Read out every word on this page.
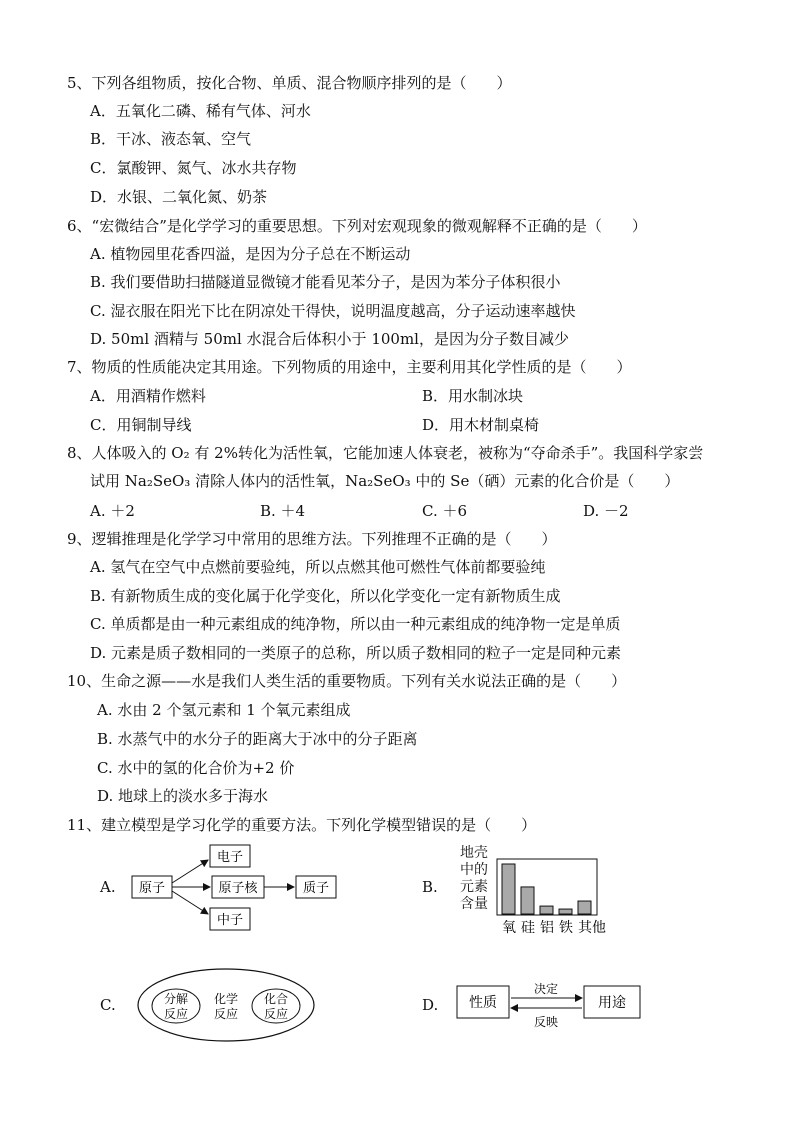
5、下列各组物质，按化合物、单质、混合物顺序排列的是（　　）
A．五氧化二磷、稀有气体、河水
B．干冰、液态氧、空气
C．氯酸钾、氮气、冰水共存物
D．水银、二氧化氮、奶茶
6、“宏微结合”是化学学习的重要思想。下列对宏观现象的微观解释不正确的是（　　）
A. 植物园里花香四溢，是因为分子总在不断运动
B. 我们要借助扫描隧道显微镜才能看见苯分子，是因为苯分子体积很小
C. 湿衣服在阳光下比在阴凉处干得快，说明温度越高，分子运动速率越快
D. 50ml 酒精与 50ml 水混合后体积小于 100ml，是因为分子数目减少
7、物质的性质能决定其用途。下列物质的用途中，主要利用其化学性质的是（　　）
A．用酒精作燃料	B．用水制冰块
C．用铜制导线	D．用木材制桌椅
8、人体吸入的 O₂ 有 2%转化为活性氧，它能加速人体衰老，被称为“夺命杀手”。我国科学家尝
试用 Na₂SeO₃ 清除人体内的活性氧，Na₂SeO₃ 中的 Se（硒）元素的化合价是（　　）
A. ＋2	B. ＋4	C. ＋6	D. －2
9、逻辑推理是化学学习中常用的思维方法。下列推理不正确的是（　　）
A. 氢气在空气中点燃前要验纯，所以点燃其他可燃性气体前都要验纯
B. 有新物质生成的变化属于化学变化，所以化学变化一定有新物质生成
C. 单质都是由一种元素组成的纯净物，所以由一种元素组成的纯净物一定是单质
D. 元素是质子数相同的一类原子的总称，所以质子数相同的粒子一定是同种元素
10、生命之源——水是我们人类生活的重要物质。下列有关水说法正确的是（　　）
A. 水由 2 个氢元素和 1 个氧元素组成
B. 水蒸气中的水分子的距离大于冰中的分子距离
C. 水中的氢的化合价为+2 价
D. 地球上的淡水多于海水
11、建立模型是学习化学的重要方法。下列化学模型错误的是（　　）
A. 原子
电子
原子核
中子
质子	B.
地壳
中的
元素
含量
氧 硅 铝 铁 其他
C.	分解
反应
化学
反应
化合
反应	D. 性质	用途
决定
反映
